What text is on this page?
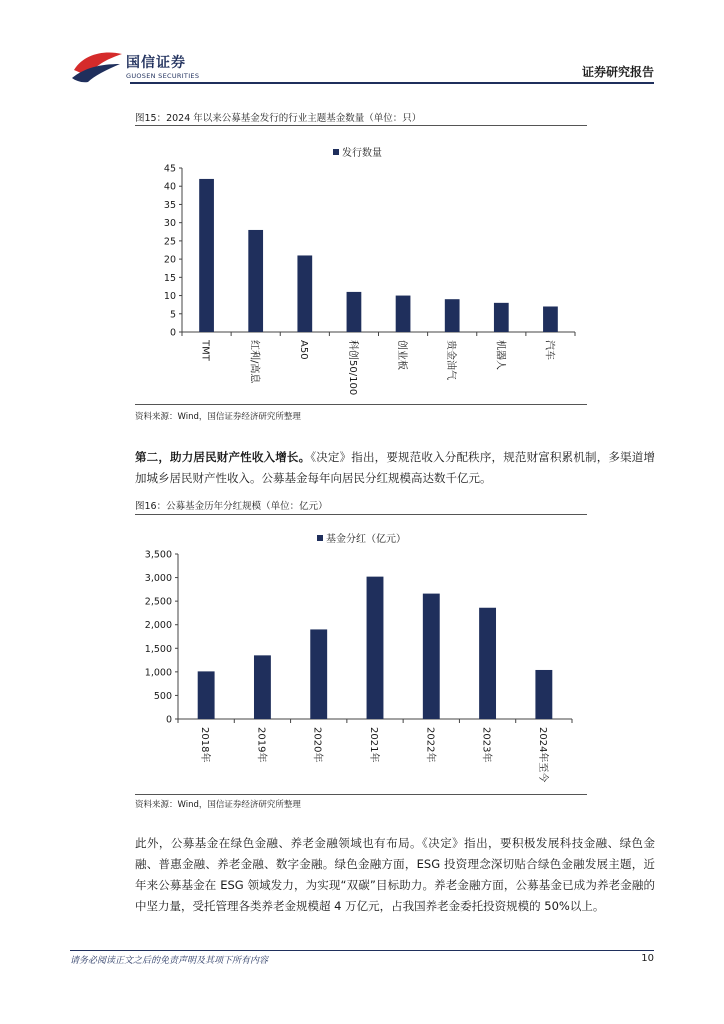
国信证券
GUOSEN SECURITIES	证券研究报告
图15：2024 年以来公募基金发行的行业主题基金数量（单位：只）
发行数量
0
5
10
15
20
25
30
35
40
45
TMT	红利/高息	A50	科创50/100	创业板	贵金油气	机器人	汽车
资料来源：Wind，国信证券经济研究所整理
第二，助力居民财产性收入增长。《决定》指出，要规范收入分配秩序，规范财富积累机制，多渠道增加城乡居民财产性收入。公募基金每年向居民分红规模高达数千亿元。
图16：公募基金历年分红规模（单位：亿元）
基金分红（亿元）
0
500
1,000
1,500
2,000
2,500
3,000
3,500
2018年	2019年	2020年	2021年	2022年	2023年	2024年至今
资料来源：Wind，国信证券经济研究所整理
此外，公募基金在绿色金融、养老金融领域也有布局。《决定》指出，要积极发展科技金融、绿色金融、普惠金融、养老金融、数字金融。绿色金融方面，ESG 投资理念深切贴合绿色金融发展主题，近年来公募基金在 ESG 领域发力，为实现“双碳”目标助力。养老金融方面，公募基金已成为养老金融的中坚力量，受托管理各类养老金规模超 4 万亿元，占我国养老金委托投资规模的 50%以上。
请务必阅读正文之后的免责声明及其项下所有内容	10
